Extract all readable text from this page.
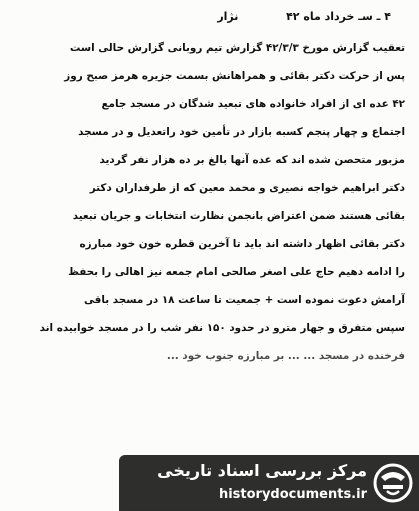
۴ ـ سـ خرداد ماه ۴۲  نژار
تعقیب گزارش مورخ ۴۲/۳/۳ گزارش تیم روبانی گزارش حالی است
پس از حرکت دکتر بقائی و همراهانش بسمت جزیره هرمز صبح روز
۴۲ عده ای از افراد خانواده های تبعید شدگان در مسجد جامع
اجتماع و چهار پنجم کسبه بازار در تأمین خود راتعدیل و در مسجد
مزبور متحصن شده اند که عده آنها بالغ بر ده هزار نفر گردید
دکتر ابراهیم خواجه نصیری و محمد معین که از طرفداران دکتر
بقائی هستند ضمن اعتراض بانجمن نظارت انتخابات و جریان تبعید
دکتر بقائی اظهار داشته اند باید تا آخرین قطره خون خود مبارزه
را ادامه دهیم حاج علی اصغر صالحی امام جمعه نیز اهالی را بحفظ
آرامش دعوت نموده است + جمعیت تا ساعت ۱۸ در مسجد باقی
سپس متفرق و جهار مترو در حدود ۱۵۰ نفر شب را در مسجد خوابیده اند
فرخنده در مسجد ... ... بر مبارزه جنوب خود ...
مرکز بررسی اسناد تاریخی
historydocuments.ir
